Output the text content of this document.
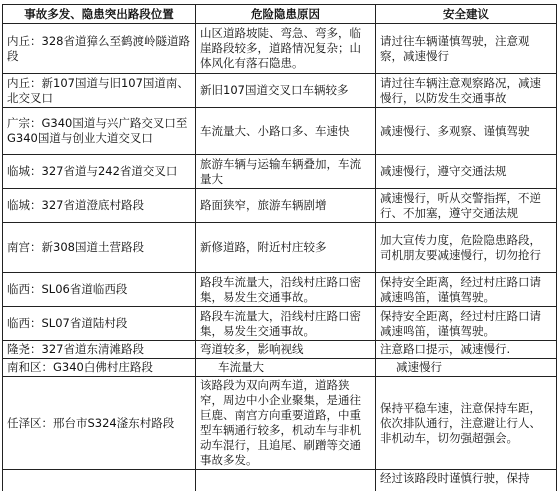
事故多发、隐患突出路段位置	危险隐患原因	安全建议
内丘：328省道獐么至鹤渡岭隧道路段	山区道路坡陡、弯急、弯多，临崖路段较多，道路情况复杂；山体风化有落石隐患。	请过往车辆谨慎驾驶，注意观察，减速慢行
内丘：新107国道与旧107国道南、北交叉口	新旧107国道交叉口车辆较多	请过往车辆注意观察路况，减速慢行，以防发生交通事故
广宗：G340国道与兴广路交叉口至G340国道与创业大道交叉口	车流量大、小路口多、车速快	减速慢行、多观察、谨慎驾驶
临城：327省道与242省道交叉口	旅游车辆与运输车辆叠加，车流量大	减速慢行，遵守交通法规
临城：327省道澄底村路段	路面狭窄，旅游车辆剧增	减速慢行，听从交警指挥，不逆行、不加塞，遵守交通法规
南宫：新308国道土营路段	新修道路，附近村庄较多	加大宣传力度，危险隐患路段，司机朋友要减速慢行，切勿抢行
临西：SL06省道临西段	路段车流量大，沿线村庄路口密集，易发生交通事故。	保持安全距离，经过村庄路口请减速鸣笛，谨慎驾驶。
临西：SL07省道陆村段	路段车流量大，沿线村庄路口密集，易发生交通事故。	保持安全距离，经过村庄路口请减速鸣笛，谨慎驾驶。
隆尧：327省道东清滩路段	弯道较多，影响视线	注意路口提示，减速慢行.
南和区：G340白佛村庄路段	车流量大	减速慢行
任泽区：邢台市S324滏东村路段	该路段为双向两车道，道路狭窄，周边中小企业聚集，是通往巨鹿、南宫方向重要道路，中重型车辆通行较多，机动车与非机动车混行，且追尾、刷蹭等交通事故多发。	保持平稳车速，注意保持车距，依次排队通行，注意避让行人、非机动车，切勿强超强会。
		经过该路段时谨慎行驶，保持
